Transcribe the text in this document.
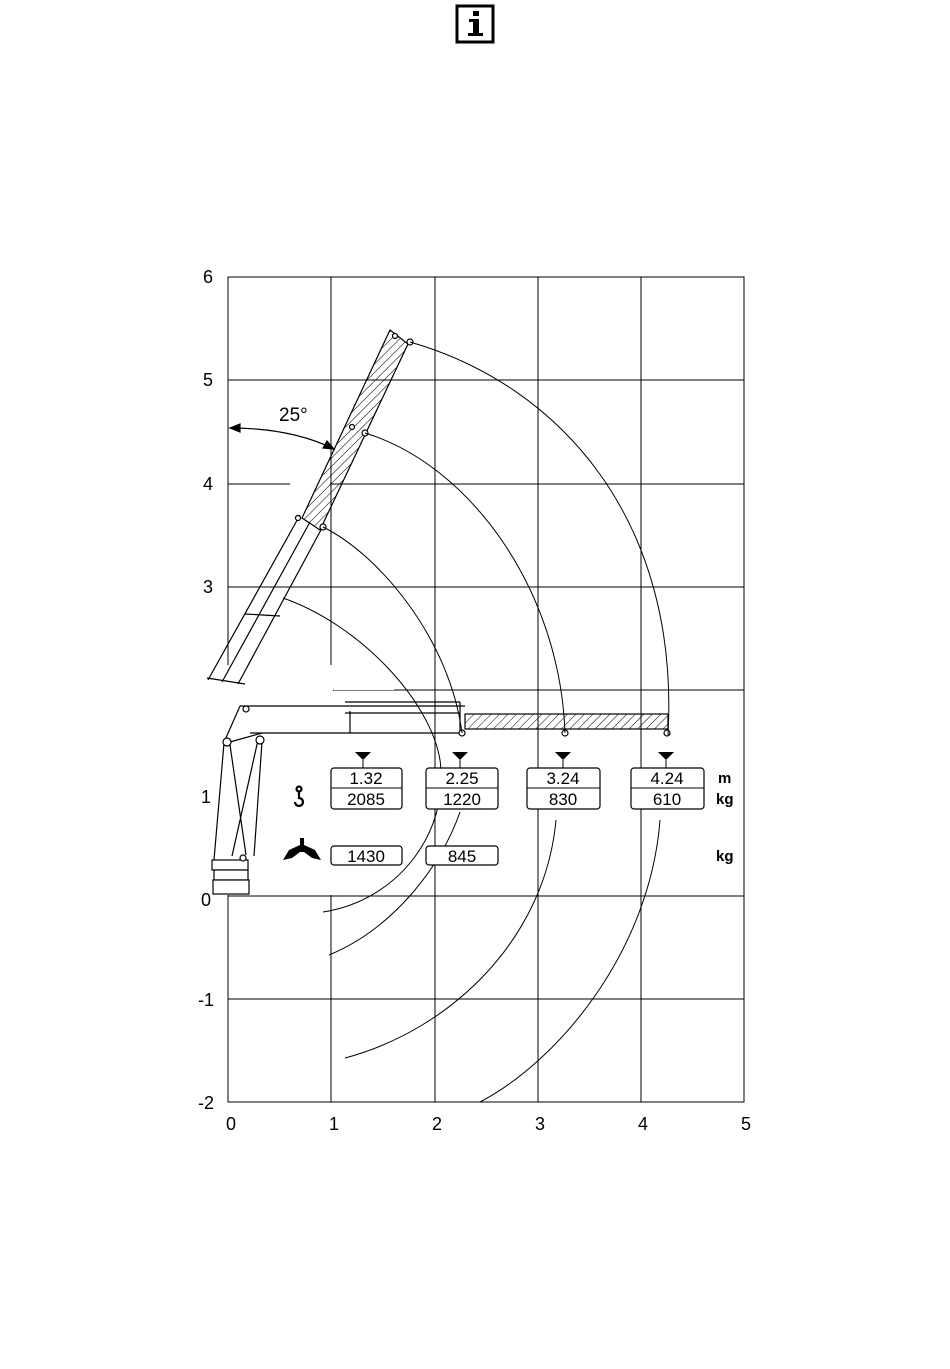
6
5
4
3
1
0
-1
-2
0	1	2	3	4	5
25°
1.32
2085
2.25
1220
3.24
830
4.24
610
1430	845
m
kg
kg
